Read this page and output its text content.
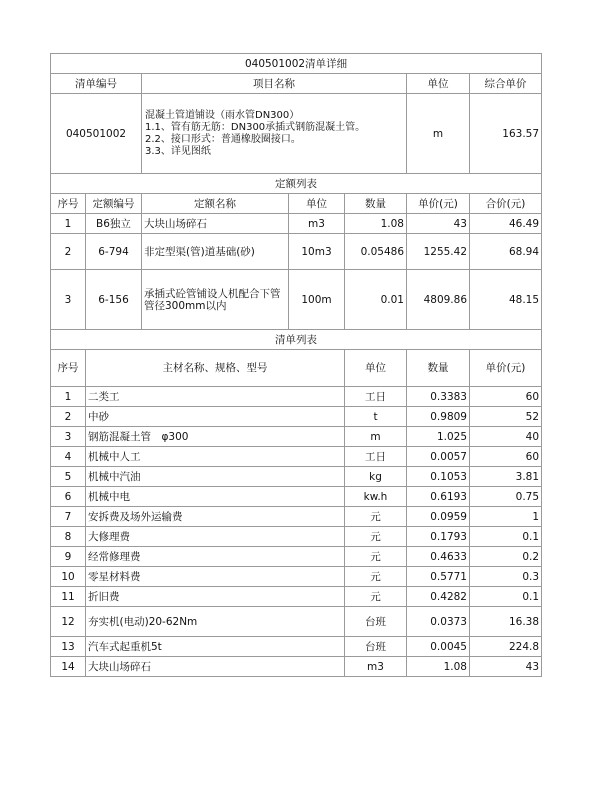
040501002清单详细							
清单编号		项目名称			单位	综合单价	
040501002		混凝土管道铺设（雨水管DN300）
1.1、管有筋无筋：DN300承插式钢筋混凝土管。
2.2、接口形式：普通橡胶圈接口。
3.3、详见图纸			m	163.57	
定额列表							
序号	定额编号	定额名称	单位	数量	单价(元)	合价(元)	
1	B6独立	大块山场碎石	m3	1.08	43	46.49	
2	6-794	非定型渠(管)道基础(砂)	10m3	0.05486	1255.42	68.94	
3	6-156	承插式砼管铺设人机配合下管管径300mm以内	100m	0.01	4809.86	48.15	
清单列表							
序号	主材名称、规格、型号			单位	数量	单价(元)	
1	二类工			工日	0.3383	60	
2	中砂			t	0.9809	52	
3	钢筋混凝土管　φ300			m	1.025	40	
4	机械中人工			工日	0.0057	60	
5	机械中汽油			kg	0.1053	3.81	
6	机械中电			kw.h	0.6193	0.75	
7	安拆费及场外运输费			元	0.0959	1	
8	大修理费			元	0.1793	0.1	
9	经常修理费			元	0.4633	0.2	
10	零星材料费			元	0.5771	0.3	
11	折旧费			元	0.4282	0.1	
12	夯实机(电动)20-62Nm			台班	0.0373	16.38	
13	汽车式起重机5t			台班	0.0045	224.8	
14	大块山场碎石			m3	1.08	43	
